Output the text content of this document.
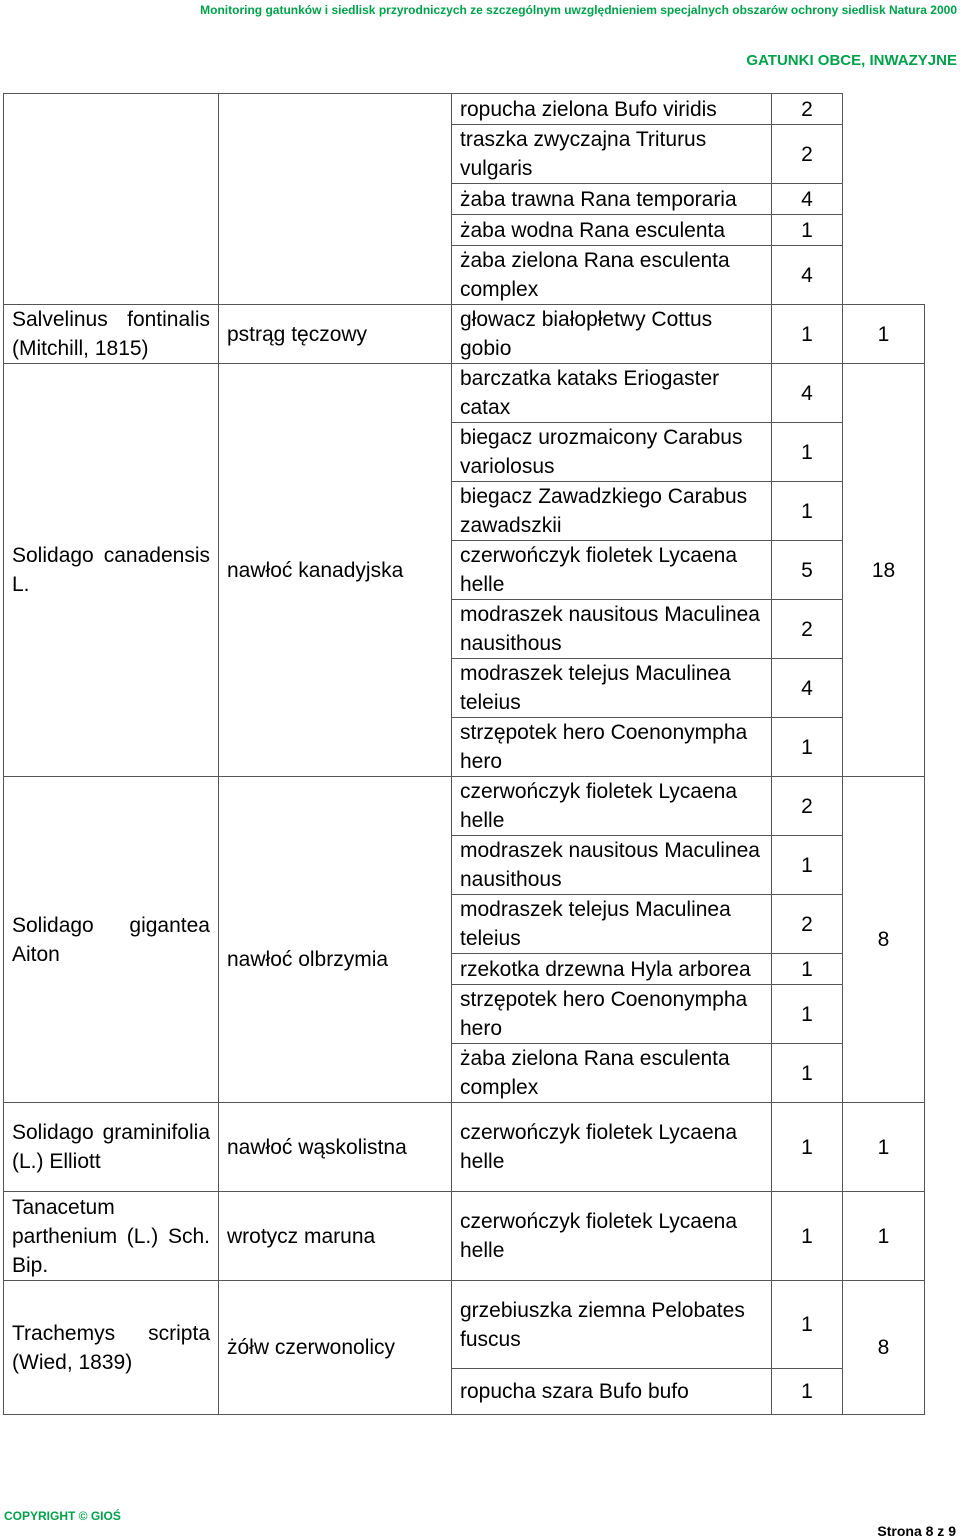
Monitoring gatunków i siedlisk przyrodniczych ze szczególnym uwzględnieniem specjalnych obszarów ochrony siedlisk Natura 2000
GATUNKI OBCE, INWAZYJNE
		ropucha zielona Bufo viridis	2	
		traszka zwyczajna Triturus vulgaris	2	
		żaba trawna Rana temporaria	4	
		żaba wodna Rana esculenta	1	
		żaba zielona Rana esculenta complex	4	
Salvelinus fontinalis (Mitchill, 1815)	pstrąg tęczowy	głowacz białopłetwy Cottus gobio	1	1
Solidago canadensis L.	nawłoć kanadyjska	barczatka kataks Eriogaster catax	4	18
		biegacz urozmaicony Carabus variolosus	1	
		biegacz Zawadzkiego Carabus zawadszkii	1	
		czerwończyk fioletek Lycaena helle	5	
		modraszek nausitous Maculinea nausithous	2	
		modraszek telejus Maculinea teleius	4	
		strzępotek hero Coenonympha hero	1	
Solidago gigantea Aiton	nawłoć olbrzymia	czerwończyk fioletek Lycaena helle	2	8
		modraszek nausitous Maculinea nausithous	1	
		modraszek telejus Maculinea teleius	2	
		rzekotka drzewna Hyla arborea	1	
		strzępotek hero Coenonympha hero	1	
		żaba zielona Rana esculenta complex	1	
Solidago graminifolia (L.) Elliott	nawłoć wąskolistna	czerwończyk fioletek Lycaena helle	1	1
Tanacetum parthenium (L.) Sch. Bip.	wrotycz maruna	czerwończyk fioletek Lycaena helle	1	1
Trachemys scripta (Wied, 1839)	żółw czerwonolicy	grzebiuszka ziemna Pelobates fuscus	1	8
		ropucha szara Bufo bufo	1	
COPYRIGHT © GIOŚ
Strona 8 z 9
